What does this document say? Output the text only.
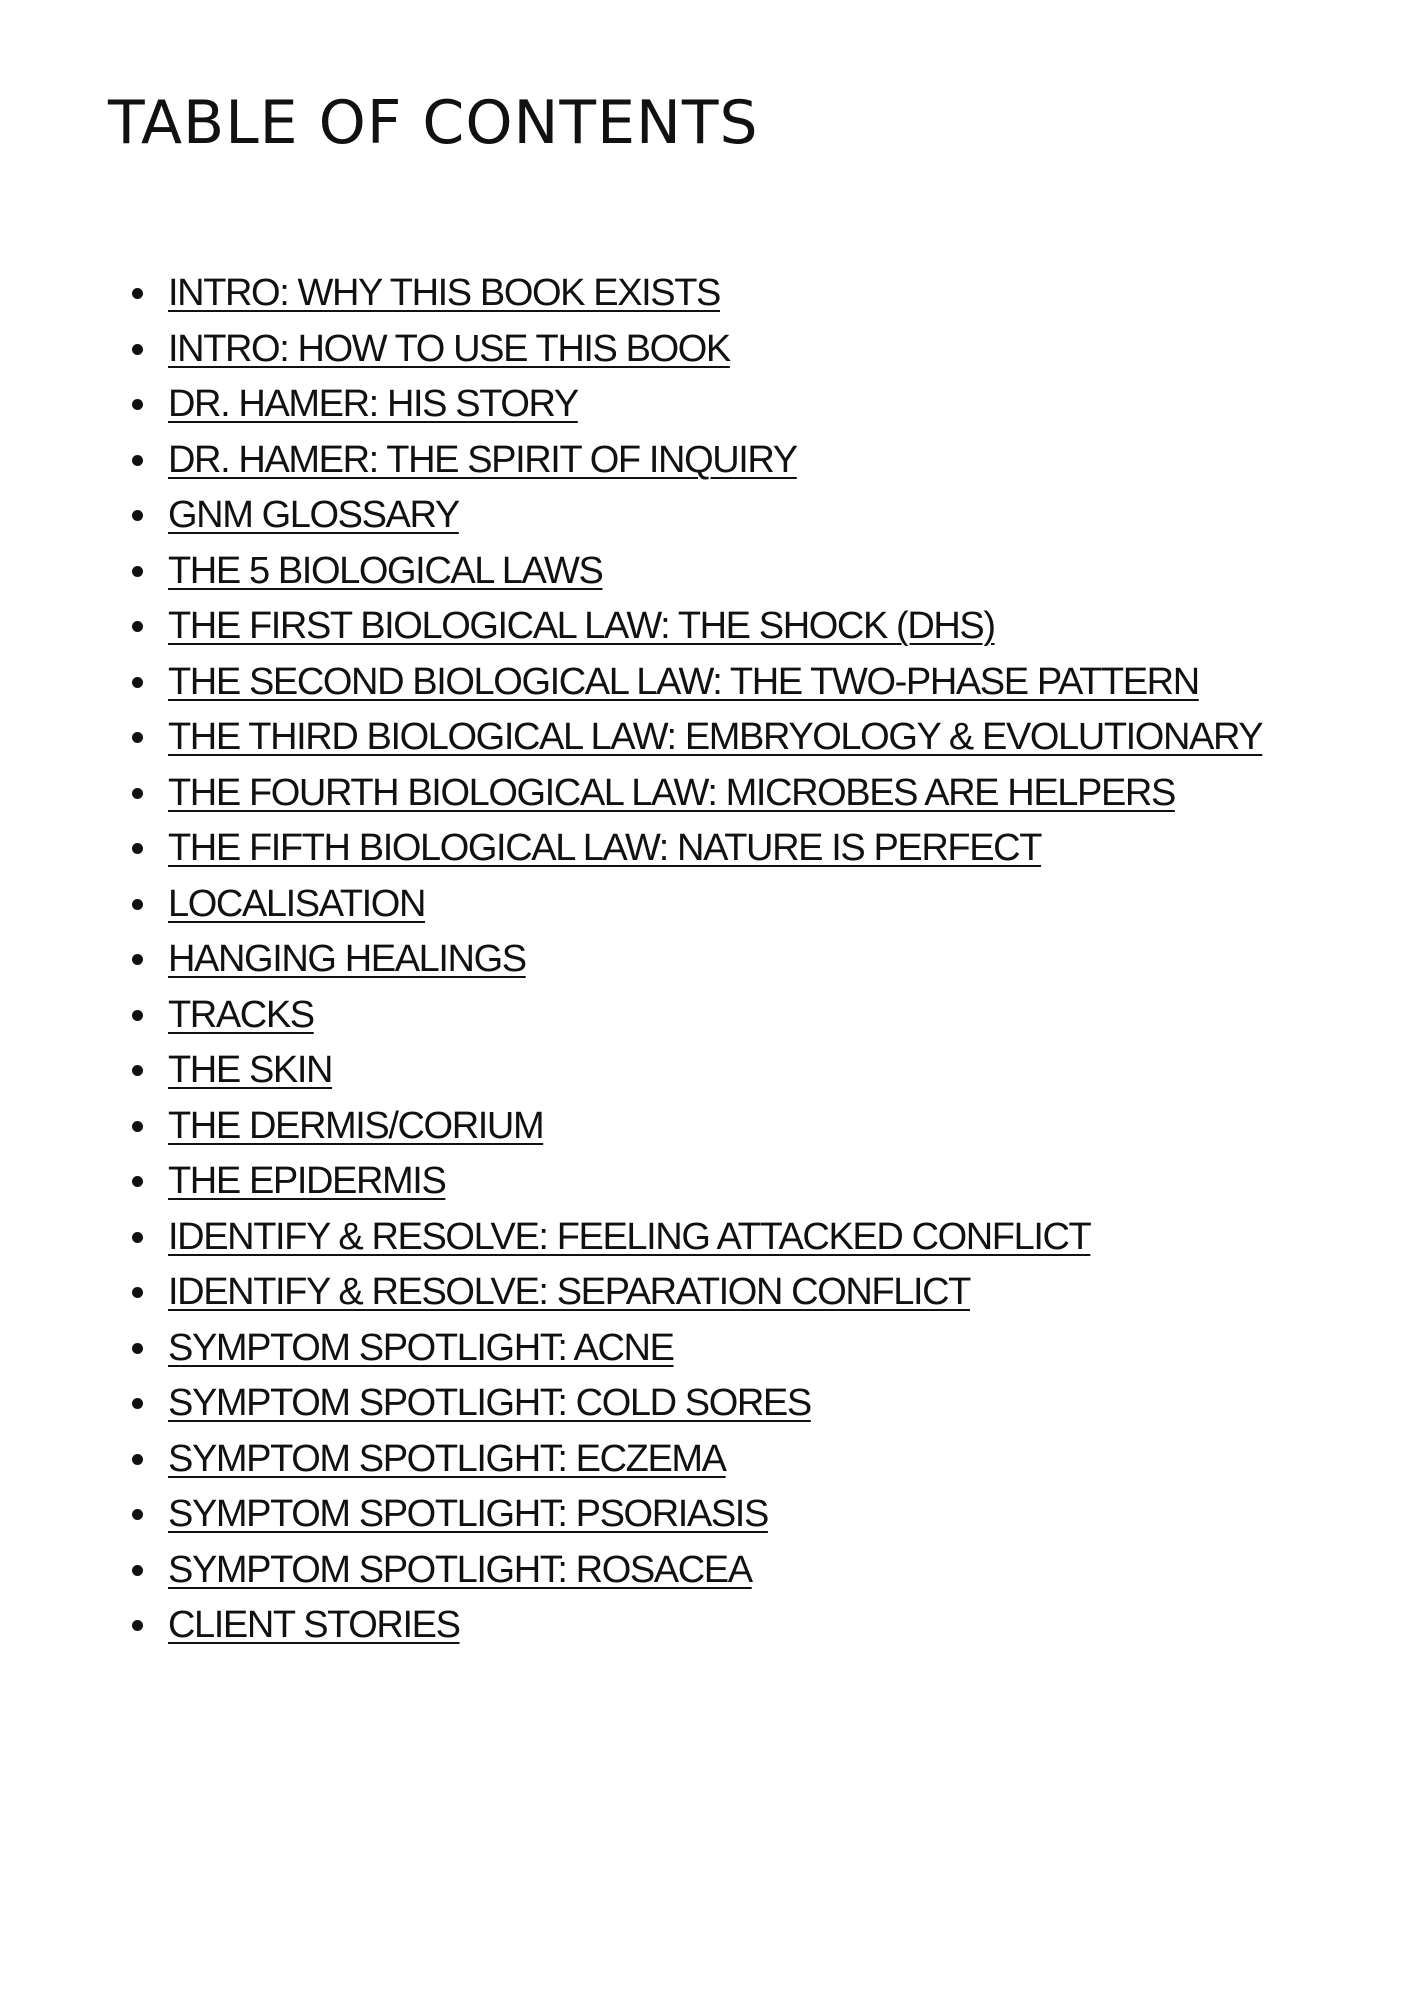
TABLE OF CONTENTS
INTRO: WHY THIS BOOK EXISTS
INTRO: HOW TO USE THIS BOOK
DR. HAMER: HIS STORY
DR. HAMER: THE SPIRIT OF INQUIRY
GNM GLOSSARY
THE 5 BIOLOGICAL LAWS
THE FIRST BIOLOGICAL LAW: THE SHOCK (DHS)
THE SECOND BIOLOGICAL LAW: THE TWO-PHASE PATTERN
THE THIRD BIOLOGICAL LAW: EMBRYOLOGY & EVOLUTIONARY
THE FOURTH BIOLOGICAL LAW: MICROBES ARE HELPERS
THE FIFTH BIOLOGICAL LAW: NATURE IS PERFECT
LOCALISATION
HANGING HEALINGS
TRACKS
THE SKIN
THE DERMIS/CORIUM
THE EPIDERMIS
IDENTIFY & RESOLVE: FEELING ATTACKED CONFLICT
IDENTIFY & RESOLVE: SEPARATION CONFLICT
SYMPTOM SPOTLIGHT: ACNE
SYMPTOM SPOTLIGHT: COLD SORES
SYMPTOM SPOTLIGHT: ECZEMA
SYMPTOM SPOTLIGHT: PSORIASIS
SYMPTOM SPOTLIGHT: ROSACEA
CLIENT STORIES
